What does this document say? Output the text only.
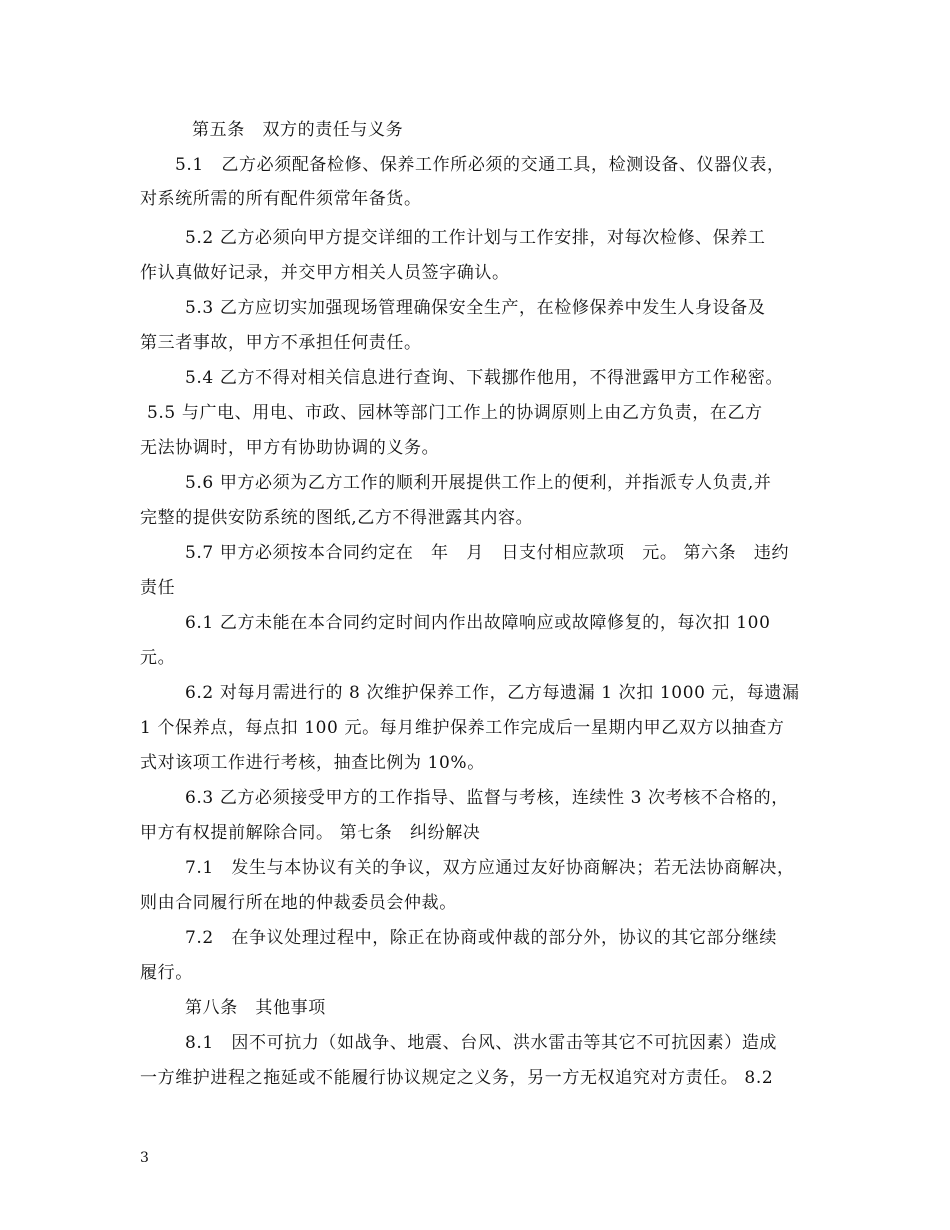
第五条　双方的责任与义务
5.1　乙方必须配备检修、保养工作所必须的交通工具，检测设备、仪器仪表，
对系统所需的所有配件须常年备货。
5.2 乙方必须向甲方提交详细的工作计划与工作安排，对每次检修、保养工
作认真做好记录，并交甲方相关人员签字确认。
5.3 乙方应切实加强现场管理确保安全生产，在检修保养中发生人身设备及
第三者事故，甲方不承担任何责任。
5.4 乙方不得对相关信息进行查询、下载挪作他用，不得泄露甲方工作秘密。
5.5 与广电、用电、市政、园林等部门工作上的协调原则上由乙方负责，在乙方
无法协调时，甲方有协助协调的义务。
5.6 甲方必须为乙方工作的顺利开展提供工作上的便利，并指派专人负责,并
完整的提供安防系统的图纸,乙方不得泄露其内容。
5.7 甲方必须按本合同约定在　年　月　日支付相应款项　元。 第六条　违约
责任
6.1 乙方未能在本合同约定时间内作出故障响应或故障修复的，每次扣 100
元。
6.2 对每月需进行的 8 次维护保养工作，乙方每遗漏 1 次扣 1000 元，每遗漏
1 个保养点，每点扣 100 元。每月维护保养工作完成后一星期内甲乙双方以抽查方
式对该项工作进行考核，抽查比例为 10%。
6.3 乙方必须接受甲方的工作指导、监督与考核，连续性 3 次考核不合格的，
甲方有权提前解除合同。 第七条　纠纷解决
7.1　发生与本协议有关的争议，双方应通过友好协商解决；若无法协商解决，
则由合同履行所在地的仲裁委员会仲裁。
7.2　在争议处理过程中，除正在协商或仲裁的部分外，协议的其它部分继续
履行。
第八条　其他事项
8.1　因不可抗力（如战争、地震、台风、洪水雷击等其它不可抗因素）造成
一方维护进程之拖延或不能履行协议规定之义务，另一方无权追究对方责任。 8.2
3
